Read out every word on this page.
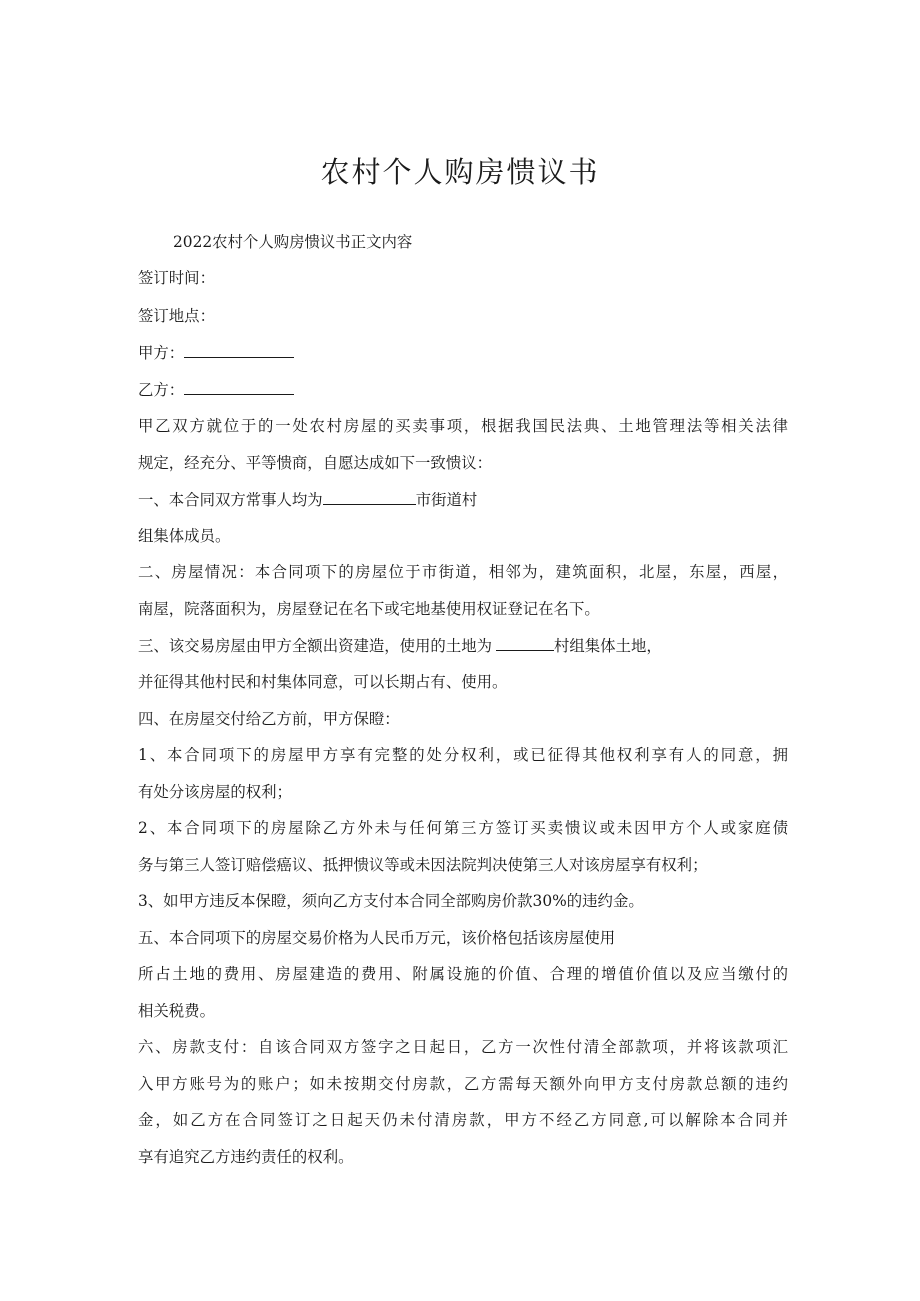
农村个人购房愦议书
2022农村个人购房愦议书正文内容
签订时间：
签订地点：
甲方：
乙方：
甲乙双方就位于的一处农村房屋的买卖事项，根据我国民法典、土地管理法等相关法律
规定，经充分、平等愦商，自愿达成如下一致愦议：
一、本合同双方常事人均为	市街道村
组集体成员。
二、房屋情况：本合同项下的房屋位于市街道，相邻为，建筑面积，北屋，东屋，西屋，
南屋，院落面积为，房屋登记在名下或宅地基使用权证登记在名下。
三、该交易房屋由甲方全额出资建造，使用的土地为	村组集体土地，
并征得其他村民和村集体同意，可以长期占有、使用。
四、在房屋交付给乙方前，甲方保瞪：
1、本合同项下的房屋甲方享有完整的处分权利，或已征得其他权利享有人的同意，拥
有处分该房屋的权利；
2、本合同项下的房屋除乙方外未与任何第三方签订买卖愦议或未因甲方个人或家庭债
务与第三人签订赔偿癌议、抵押愦议等或未因法院判决使第三人对该房屋享有权利；
3、如甲方违反本保瞪，须向乙方支付本合同全部购房价款30%的违约金。
五、本合同项下的房屋交易价格为人民币万元，该价格包括该房屋使用
所占土地的费用、房屋建造的费用、附属设施的价值、合理的增值价值以及应当缴付的
相关税费。
六、房款支付：自该合同双方签字之日起日，乙方一次性付清全部款项，并将该款项汇
入甲方账号为的账户；如未按期交付房款，乙方需每天额外向甲方支付房款总额的违约
金，如乙方在合同签订之日起天仍未付清房款，甲方不经乙方同意,可以解除本合同并
享有追究乙方违约责任的权利。
